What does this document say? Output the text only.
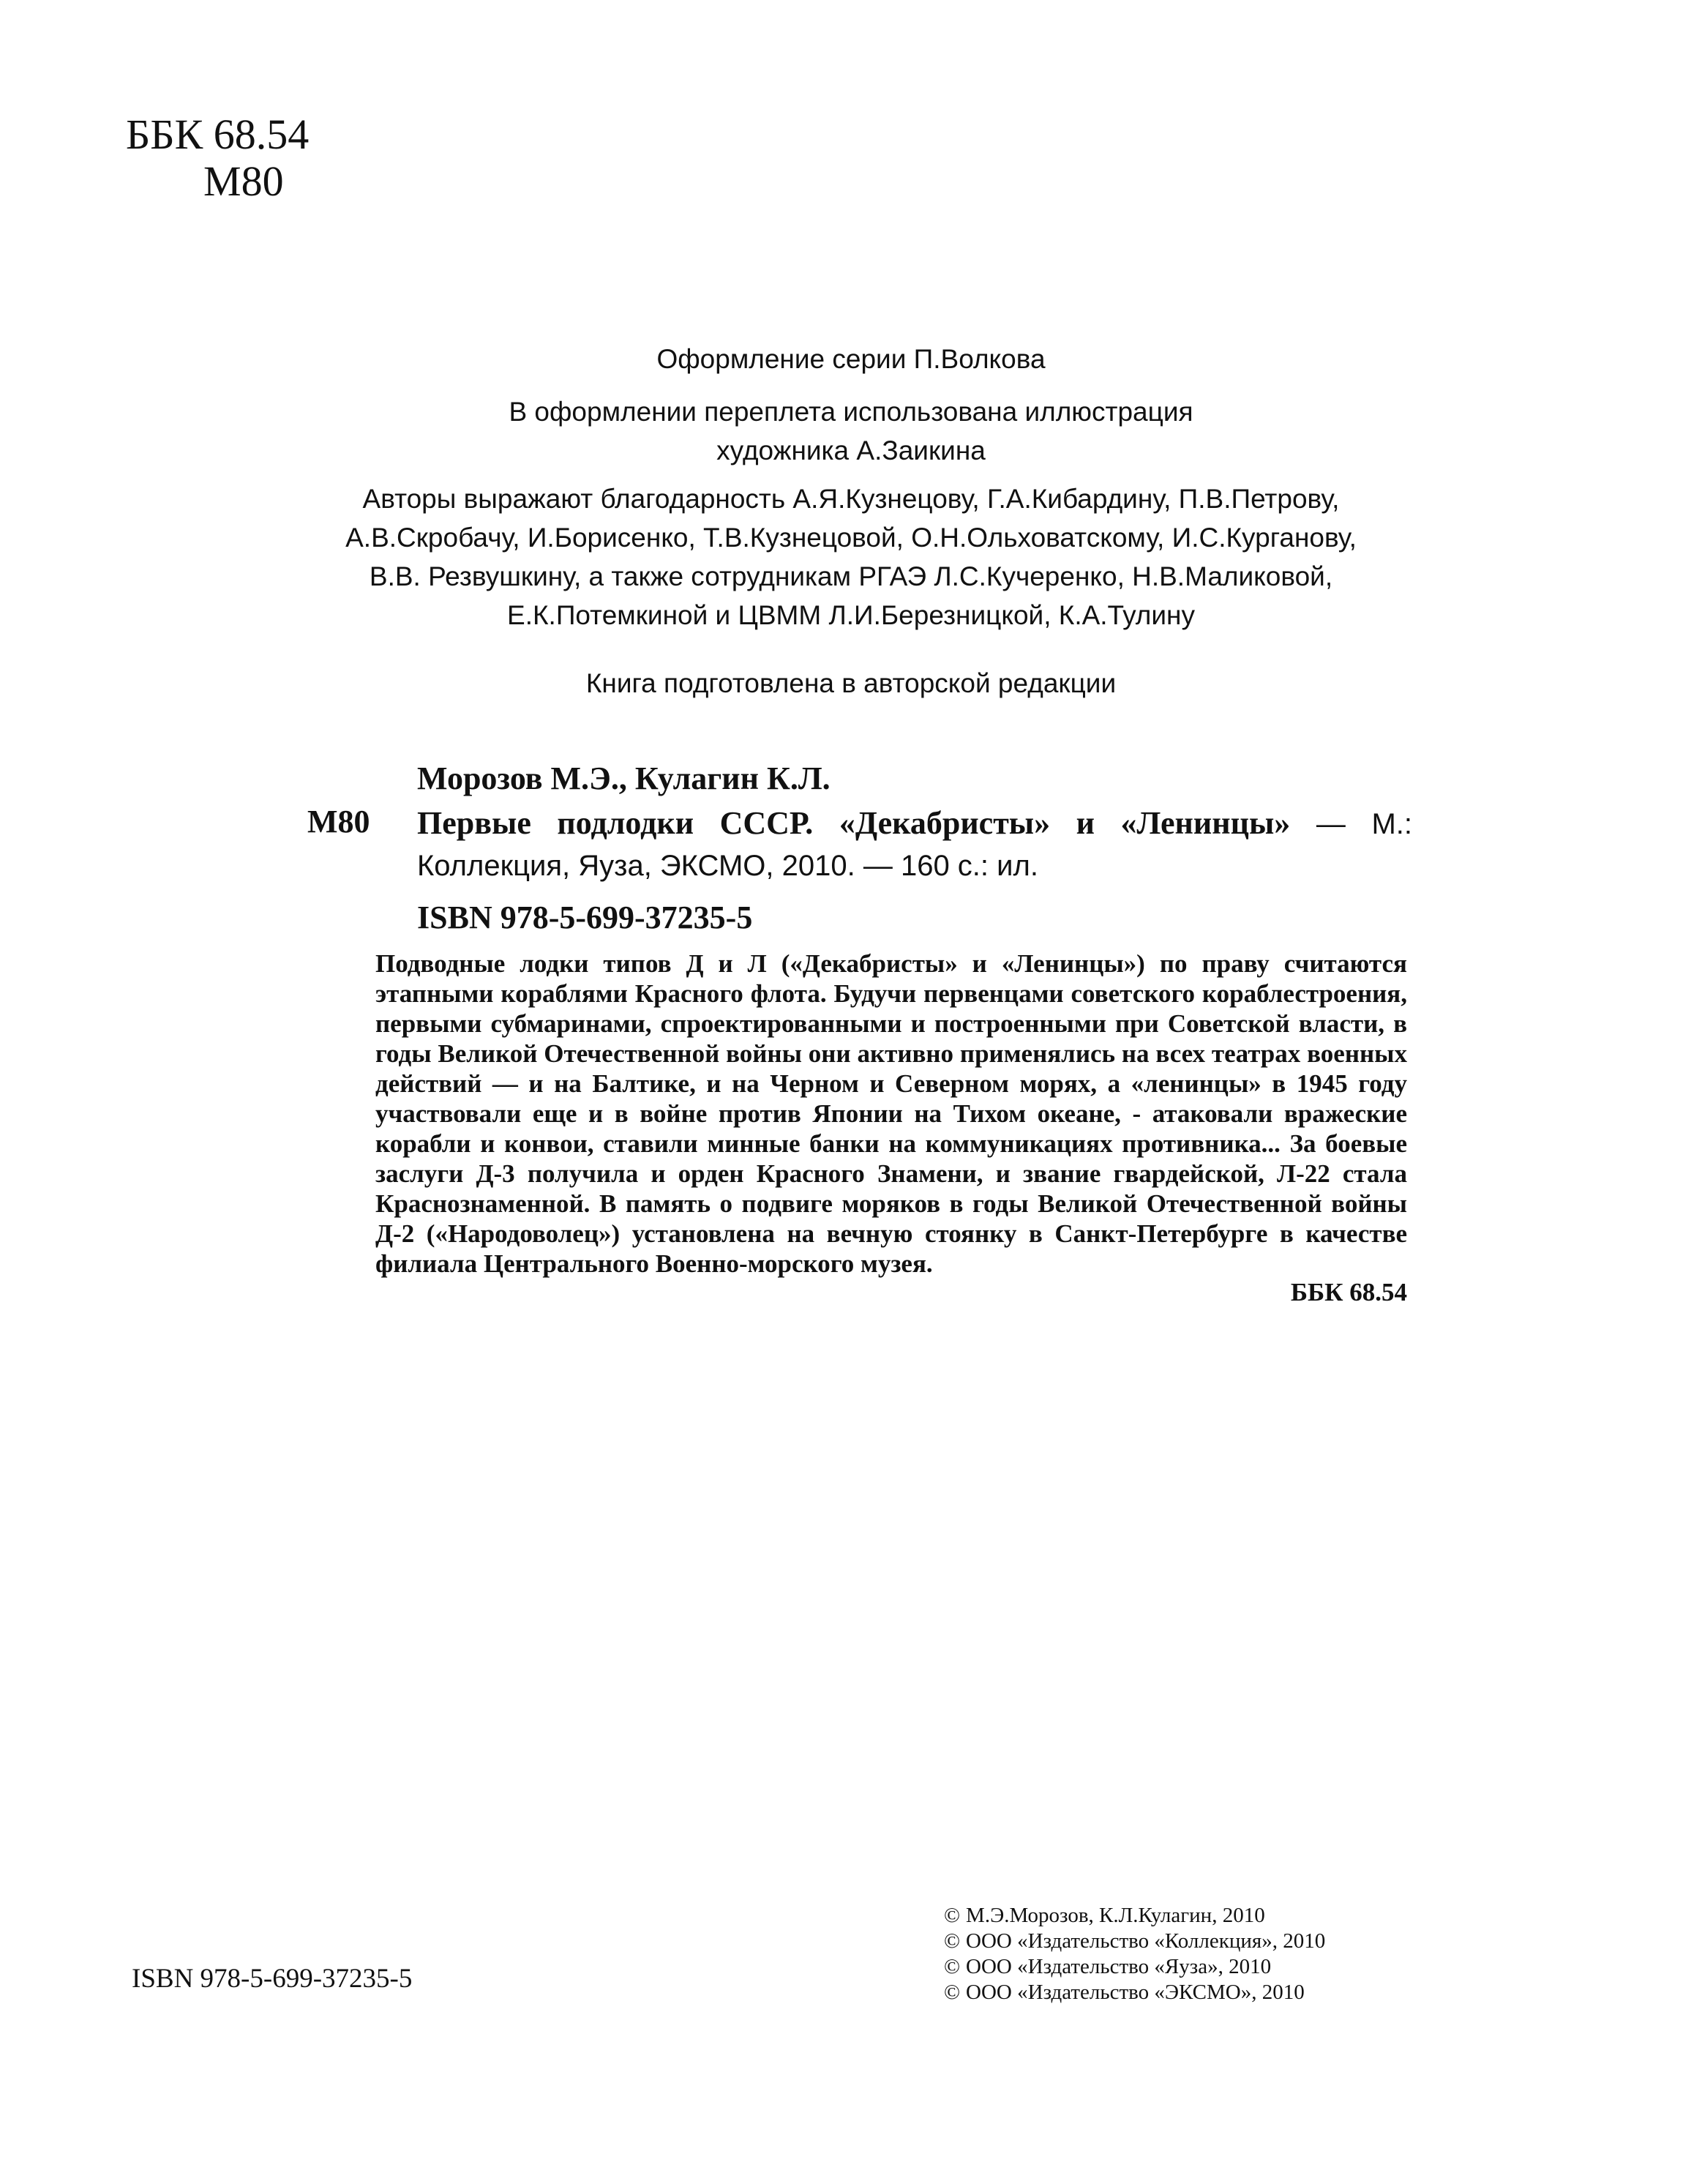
ББК 68.54
М80
Оформление серии П.Волкова
В оформлении переплета использована иллюстрация
художника А.Заикина
Авторы выражают благодарность А.Я.Кузнецову, Г.А.Кибардину, П.В.Петрову,
А.В.Скробачу, И.Борисенко, Т.В.Кузнецовой, О.Н.Ольховатскому, И.С.Курганову,
В.В. Резвушкину, а также сотрудникам РГАЭ Л.С.Кучеренко, Н.В.Маликовой,
Е.К.Потемкиной и ЦВММ Л.И.Березницкой, К.А.Тулину
Книга подготовлена в авторской редакции
Морозов М.Э., Кулагин К.Л.
М80 Первые подлодки СССР. «Декабристы» и «Ленинцы» — М.: Коллекция, Яуза, ЭКСМО, 2010. — 160 с.: ил.
ISBN 978-5-699-37235-5
Подводные лодки типов Д и Л («Декабристы» и «Ленинцы») по праву считаются этапными кораблями Красного флота. Будучи первенцами советского кораблестроения, первыми субмаринами, спроектированными и построенными при Советской власти, в годы Великой Отечественной войны они активно применялись на всех театрах военных действий — и на Балтике, и на Черном и Северном морях, а «ленинцы» в 1945 году участвовали еще и в войне против Японии на Тихом океане, - атаковали вражеские корабли и конвои, ставили минные банки на коммуникациях противника... За боевые заслуги Д-3 получила и орден Красного Знамени, и звание гвардейской, Л-22 стала Краснознаменной. В память о подвиге моряков в годы Великой Отечественной войны Д-2 («Народоволец») установлена на вечную стоянку в Санкт-Петербурге в качестве филиала Центрального Военно-морского музея.
ББК 68.54
ISBN 978-5-699-37235-5
© М.Э.Морозов, К.Л.Кулагин, 2010
© ООО «Издательство «Коллекция», 2010
© ООО «Издательство «Яуза», 2010
© ООО «Издательство «ЭКСМО», 2010
